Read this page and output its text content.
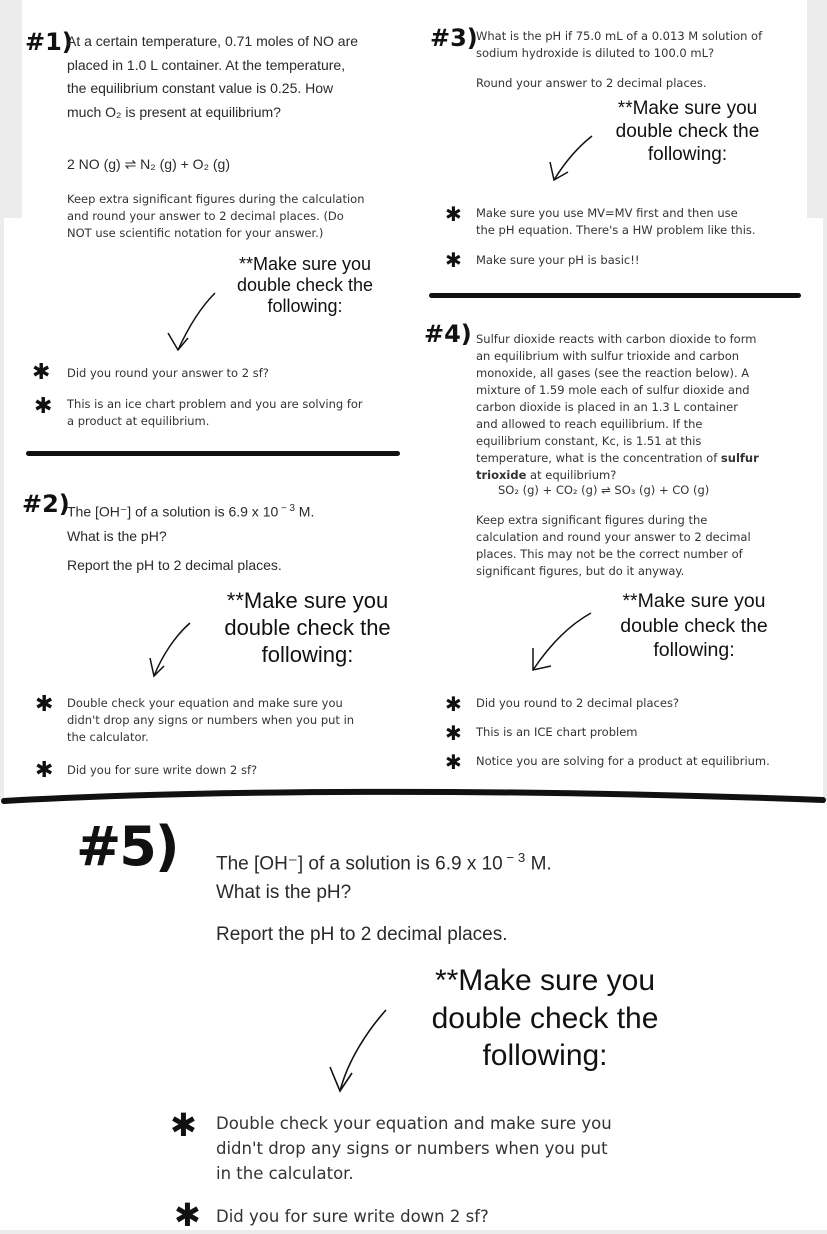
#1)
At a certain temperature, 0.71 moles of NO are placed in 1.0 L container. At the temperature, the equilibrium constant value is 0.25. How much O₂ is present at equilibrium?
2 NO (g) ⇌ N₂ (g) + O₂ (g)
Keep extra significant figures during the calculation and round your answer to 2 decimal places. (Do NOT use scientific notation for your answer.)
**Make sure you double check the following:
✱ Did you round your answer to 2 sf?
✱ This is an ice chart problem and you are solving for a product at equilibrium.
#2)
The [OH⁻] of a solution is 6.9 x 10 $^{- 3}$ M.
What is the pH?
Report the pH to 2 decimal places.
**Make sure you double check the following:
✱ Double check your equation and make sure you didn't drop any signs or numbers when you put in the calculator.
✱ Did you for sure write down 2 sf?
#3)
What is the pH if 75.0 mL of a 0.013 M solution of sodium hydroxide is diluted to 100.0 mL?
Round your answer to 2 decimal places.
**Make sure you double check the following:
✱ Make sure you use MV=MV first and then use the pH equation. There's a HW problem like this.
✱ Make sure your pH is basic!!
#4) Sulfur dioxide reacts with carbon dioxide to form an equilibrium with sulfur trioxide and carbon monoxide, all gases (see the reaction below). A mixture of 1.59 mole each of sulfur dioxide and carbon dioxide is placed in an 1.3 L container and allowed to reach equilibrium. If the equilibrium constant, Kc, is 1.51 at this temperature, what is the concentration of sulfur trioxide at equilibrium?
SO₂ (g) + CO₂ (g) ⇌ SO₃ (g) + CO (g)
Keep extra significant figures during the calculation and round your answer to 2 decimal places. This may not be the correct number of significant figures, but do it anyway.
**Make sure you double check the following:
✱ Did you round to 2 decimal places?
✱ This is an ICE chart problem
✱ Notice you are solving for a product at equilibrium.
#5) The [OH⁻] of a solution is 6.9 x 10 $^{- 3}$ M.
What is the pH?
Report the pH to 2 decimal places.
**Make sure you double check the following:
✱ Double check your equation and make sure you didn't drop any signs or numbers when you put in the calculator.
✱ Did you for sure write down 2 sf?
